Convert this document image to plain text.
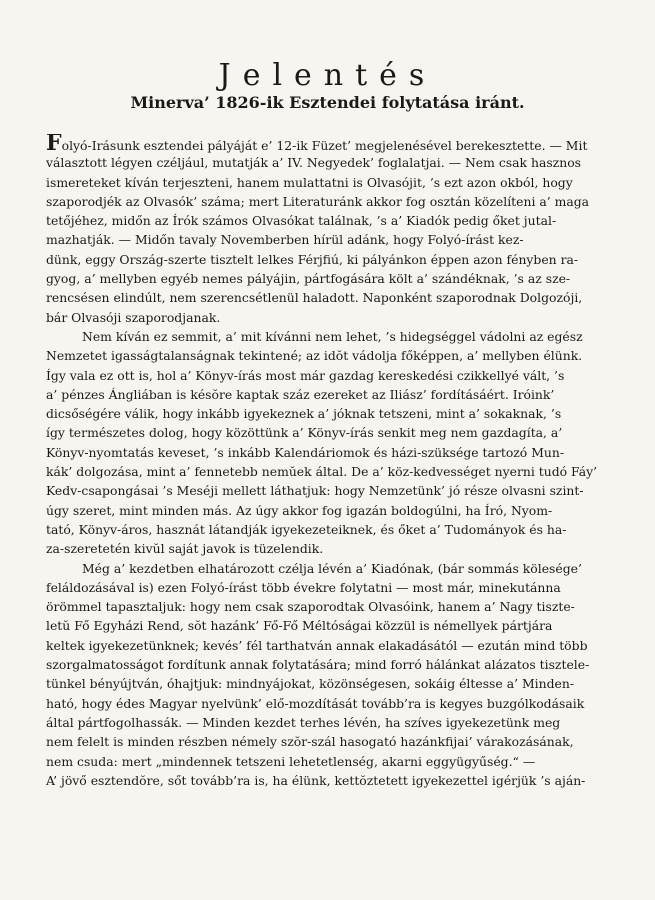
Jelentés
Minerva’ 1826-ik Esztendei folytatása iránt.
Folyó-Irásunk esztendei pályáját e’ 12-ik Füzet’ megjelenésével berekesztette. — Mit
választott légyen czéljául, mutatják a’ IV. Negyedek’ foglalatjai. — Nem csak hasznos
ismereteket kíván terjeszteni, hanem mulattatni is Olvasójit, ’s ezt azon okból, hogy
szaporodjék az Olvasók’ száma; mert Literaturánk akkor fog osztán közelíteni a’ maga
tetőjéhez, midőn az Írók számos Olvasókat találnak, ’s a’ Kiadók pedig őket jutal-
mazhatják. — Midőn tavaly Novemberben hírül adánk, hogy Folyó-írást kez-
dünk, eggy Ország-szerte tisztelt lelkes Férjfiú, ki pályánkon éppen azon fényben ra-
gyog, a’ mellyben egyéb nemes pályájin, pártfogására költ a’ szándéknak, ’s az sze-
rencsésen elindúlt, nem szerencsétlenül haladott. Naponként szaporodnak Dolgozóji,
bár Olvasóji szaporodjanak.
Nem kíván ez semmit, a’ mit kívánni nem lehet, ’s hidegséggel vádolni az egész
Nemzetet igasságtalanságnak tekintené; az idŏt vádolja főképpen, a’ mellyben élünk.
Így vala ez ott is, hol a’ Könyv-írás most már gazdag kereskedési czikkellyé vált, ’s
a’ pénzes Ángliában is késŏre kaptak száz ezereket az Iliász’ fordításáért. Iróink’
dicsőségére válik, hogy inkább igyekeznek a’ jóknak tetszeni, mint a’ sokaknak, ’s
így természetes dolog, hogy közöttünk a’ Könyv-írás senkit meg nem gazdagíta, a’
Könyv-nyomtatás keveset, ’s inkább Kalendáriomok és házi-szüksége tartozó Mun-
kák’ dolgozása, mint a’ fennetebb nemŭek által. De a’ köz-kedvességet nyerni tudó Fáy’
Kedv-csapongásai ’s Meséji mellett láthatjuk: hogy Nemzetünk’ jó része olvasni szint-
úgy szeret, mint minden más. Az úgy akkor fog igazán boldogúlni, ha Író, Nyom-
tató, Könyv-áros, hasznát látandják igyekezeteiknek, és őket a’ Tudományok és ha-
za-szeretetén kivŭl saját javok is tüzelendik.
Még a’ kezdetben elhatározott czélja lévén a’ Kiadónak, (bár sommás kölesége’
feláldozásával is) ezen Folyó-írást több évekre folytatni — most már, minekutánna
örömmel tapasztaljuk: hogy nem csak szaporodtak Olvasóink, hanem a’ Nagy tiszte-
letŭ Fő Egyházi Rend, sŏt hazánk’ Fő-Fő Méltóságai közzül is némellyek pártjára
keltek igyekezetünknek; kevés’ fél tarthatván annak elakadásától — ezután mind több
szorgalmatosságot fordítunk annak folytatására; mind forró hálánkat alázatos tisztele-
tünkel bényújtván, óhajtjuk: mindnyájokat, közönségesen, sokáig éltesse a’ Minden-
ható, hogy édes Magyar nyelvünk’ elő-mozdítását tovább’ra is kegyes buzgólkodásaik
által pártfogolhassák. — Minden kezdet terhes lévén, ha szíves igyekezetünk meg
nem felelt is minden részben némely szŏr-szál hasogató hazánkfijai’ várakozásának,
nem csuda: mert „mindennek tetszeni lehetetlenség, akarni eggyügyűség.“ —
A’ jövő esztendŏre, sőt tovább’ra is, ha élünk, kettŏztetett igyekezettel igérjük ’s aján-
